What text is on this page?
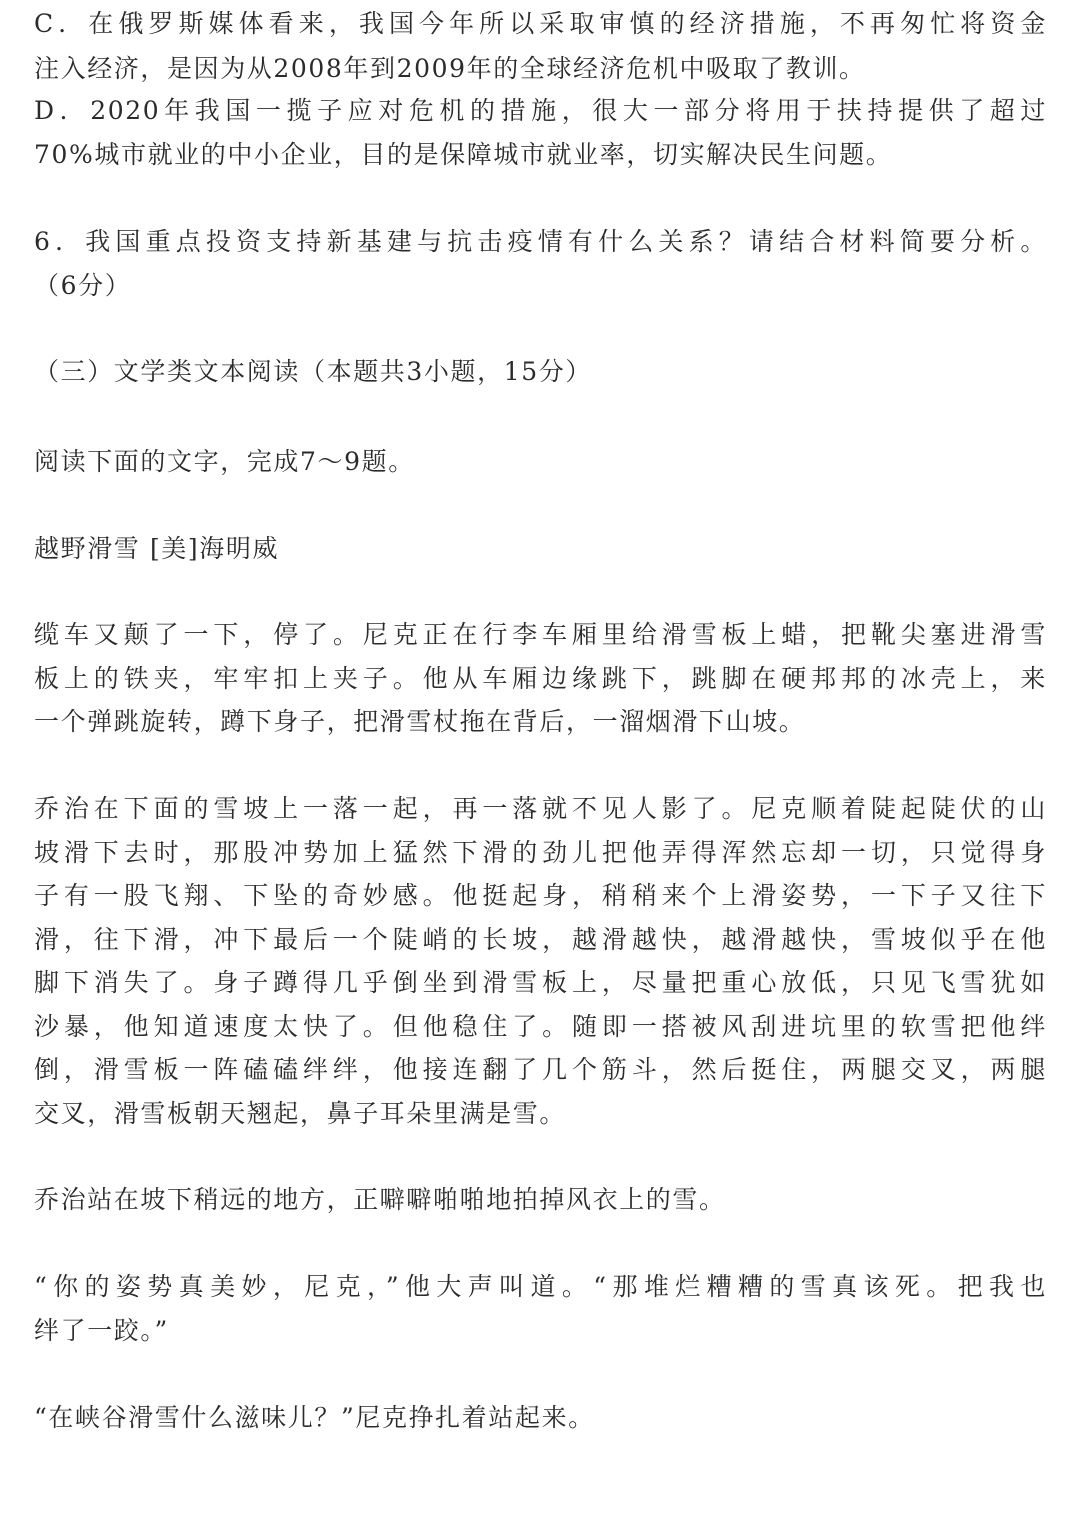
C．在俄罗斯媒体看来，我国今年所以采取审慎的经济措施，不再匆忙将资金
注入经济，是因为从2008年到2009年的全球经济危机中吸取了教训。
D．2020年我国一揽子应对危机的措施，很大一部分将用于扶持提供了超过
70%城市就业的中小企业，目的是保障城市就业率，切实解决民生问题。
6．我国重点投资支持新基建与抗击疫情有什么关系？请结合材料简要分析。
（6分）
（三）文学类文本阅读（本题共3小题，15分）
阅读下面的文字，完成7～9题。
越野滑雪 [美]海明威
缆车又颠了一下，停了。尼克正在行李车厢里给滑雪板上蜡，把靴尖塞进滑雪
板上的铁夹，牢牢扣上夹子。他从车厢边缘跳下，跳脚在硬邦邦的冰壳上，来
一个弹跳旋转，蹲下身子，把滑雪杖拖在背后，一溜烟滑下山坡。
乔治在下面的雪坡上一落一起，再一落就不见人影了。尼克顺着陡起陡伏的山
坡滑下去时，那股冲势加上猛然下滑的劲儿把他弄得浑然忘却一切，只觉得身
子有一股飞翔、下坠的奇妙感。他挺起身，稍稍来个上滑姿势，一下子又往下
滑，往下滑，冲下最后一个陡峭的长坡，越滑越快，越滑越快，雪坡似乎在他
脚下消失了。身子蹲得几乎倒坐到滑雪板上，尽量把重心放低，只见飞雪犹如
沙暴，他知道速度太快了。但他稳住了。随即一搭被风刮进坑里的软雪把他绊
倒，滑雪板一阵磕磕绊绊，他接连翻了几个筋斗，然后挺住，两腿交叉，两腿
交叉，滑雪板朝天翘起，鼻子耳朵里满是雪。
乔治站在坡下稍远的地方，正噼噼啪啪地拍掉风衣上的雪。
“你的姿势真美妙，尼克，”他大声叫道。“那堆烂糟糟的雪真该死。把我也
绊了一跤。”
“在峡谷滑雪什么滋味儿？”尼克挣扎着站起来。
